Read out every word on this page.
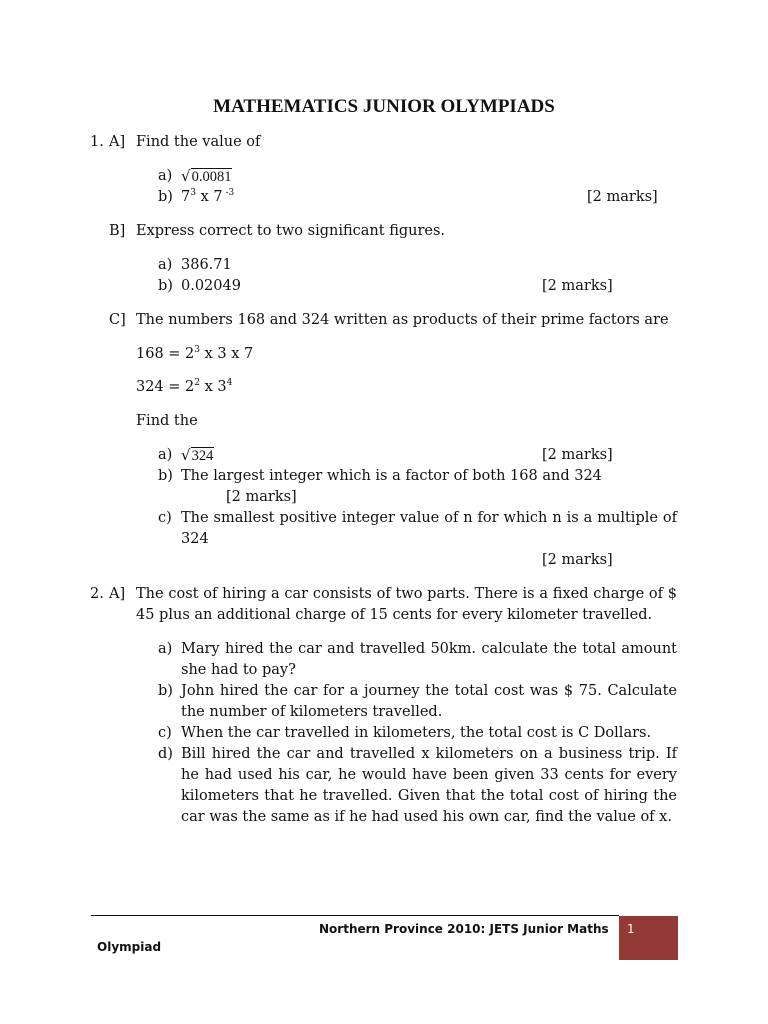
MATHEMATICS JUNIOR OLYMPIADS
1. A] Find the value of
a) √0.0081
b) $7^3$ x 7 $^{-3}$	[2 marks]
B] Express correct to two significant figures.
a) 386.71
b) 0.02049	[2 marks]
C] The numbers 168 and 324 written as products of their prime factors are
$168 = 2^3$ x 3 x 7
$324 = 2^2$ x $3^4$
Find the
a) √324	[2 marks]
b) The largest integer which is a factor of both 168 and 324
[2 marks]
c) The smallest positive integer value of n for which n is a multiple of
324
[2 marks]
2. A] The cost of hiring a car consists of two parts. There is a fixed charge of $
45 plus an additional charge of 15 cents for every kilometer travelled.
a) Mary hired the car and travelled 50km. calculate the total amount
she had to pay?
b) John hired the car for a journey the total cost was $ 75. Calculate
the number of kilometers travelled.
c) When the car travelled in kilometers, the total cost is C Dollars.
d) Bill hired the car and travelled x kilometers on a business trip. If
he had used his car, he would have been given 33 cents for every
kilometers that he travelled. Given that the total cost of hiring the
car was the same as if he had used his own car, find the value of x.
Northern Province 2010: JETS Junior Maths
Olympiad
1
